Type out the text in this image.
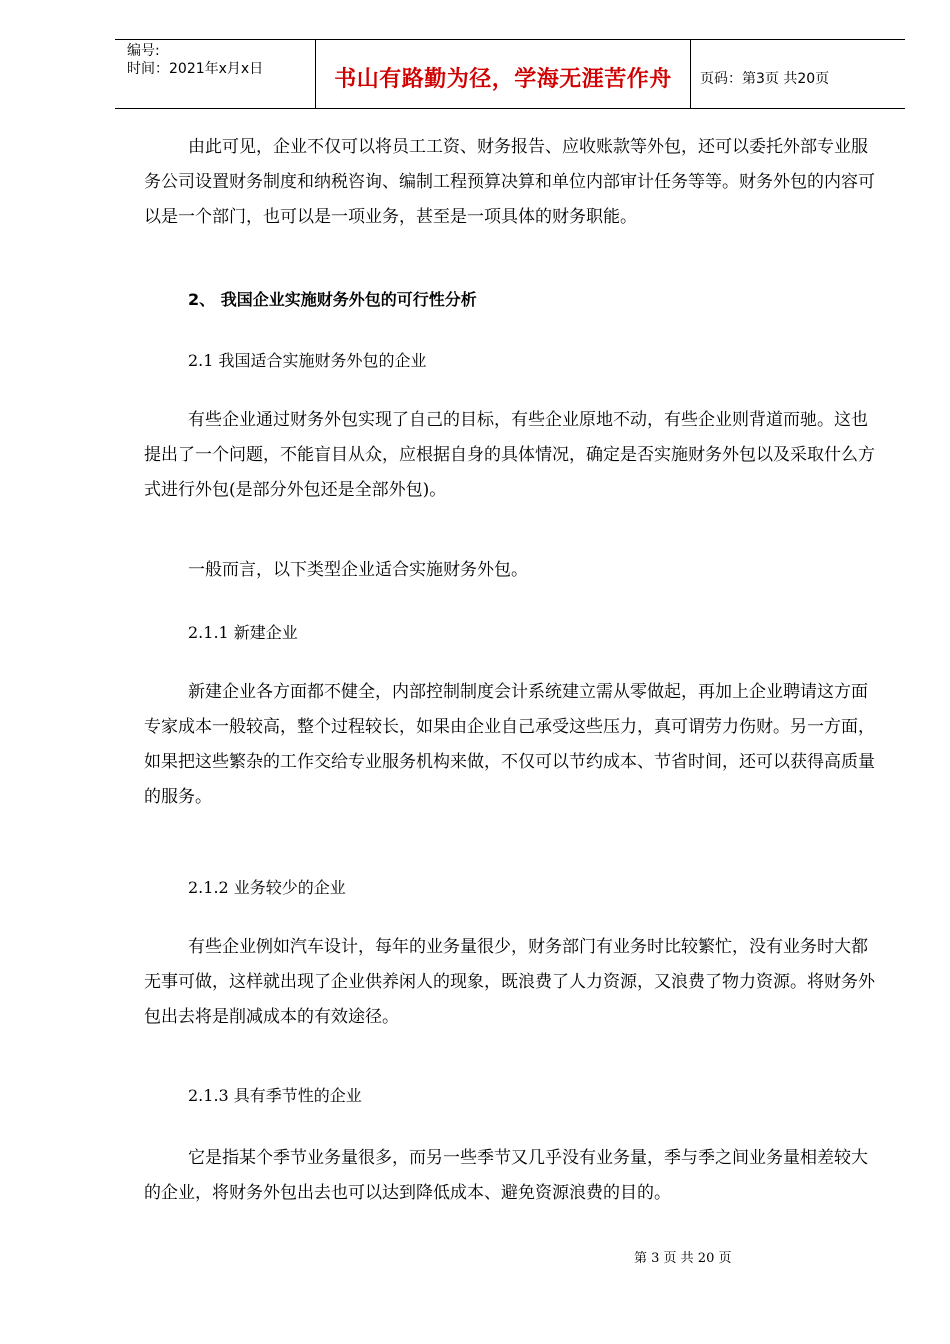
编号:
时间：2021年x月x日	书山有路勤为径，学海无涯苦作舟	页码：第3页 共20页

由此可见，企业不仅可以将员工工资、财务报告、应收账款等外包，还可以委托外部专业服务公司设置财务制度和纳税咨询、编制工程预算决算和单位内部审计任务等等。财务外包的内容可以是一个部门，也可以是一项业务，甚至是一项具体的财务职能。

2、 我国企业实施财务外包的可行性分析
2.1 我国适合实施财务外包的企业

有些企业通过财务外包实现了自己的目标，有些企业原地不动，有些企业则背道而驰。这也提出了一个问题，不能盲目从众，应根据自身的具体情况，确定是否实施财务外包以及采取什么方式进行外包(是部分外包还是全部外包)。

一般而言，以下类型企业适合实施财务外包。

2.1.1 新建企业

新建企业各方面都不健全，内部控制制度会计系统建立需从零做起，再加上企业聘请这方面专家成本一般较高，整个过程较长，如果由企业自己承受这些压力，真可谓劳力伤财。另一方面，如果把这些繁杂的工作交给专业服务机构来做，不仅可以节约成本、节省时间，还可以获得高质量的服务。

2.1.2 业务较少的企业

有些企业例如汽车设计，每年的业务量很少，财务部门有业务时比较繁忙，没有业务时大都无事可做，这样就出现了企业供养闲人的现象，既浪费了人力资源，又浪费了物力资源。将财务外包出去将是削减成本的有效途径。

2.1.3 具有季节性的企业

它是指某个季节业务量很多，而另一些季节又几乎没有业务量，季与季之间业务量相差较大的企业，将财务外包出去也可以达到降低成本、避免资源浪费的目的。

第 3 页 共 20 页
